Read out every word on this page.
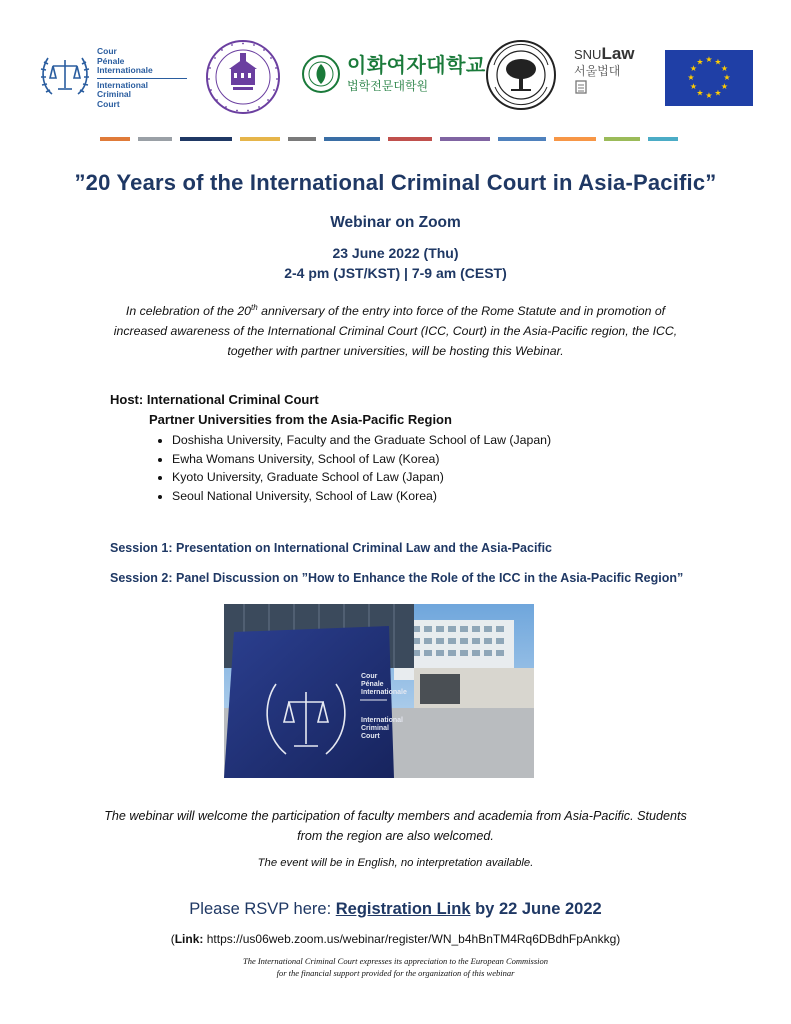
Cour
Pénale
Internationale
International
Criminal
Court
이화여자대학교
법학전문대학원
SNULaw
서울법대
★ ★
★
★
★
★
★
★
★
★
★
★
”20 Years of the International Criminal Court in Asia-Pacific”
Webinar on Zoom
23 June 2022 (Thu)
2-4 pm (JST/KST) | 7-9 am (CEST)
In celebration of the 20th anniversary of the entry into force of the Rome Statute and in promotion of increased awareness of the International Criminal Court (ICC, Court) in the Asia-Pacific region, the ICC, together with partner universities, will be hosting this Webinar.
Host: International Criminal Court
Partner Universities from the Asia-Pacific Region
• Doshisha University, Faculty and the Graduate School of Law (Japan)
• Ewha Womans University, School of Law (Korea)
• Kyoto University, Graduate School of Law (Japan)
• Seoul National University, School of Law (Korea)
Session 1: Presentation on International Criminal Law and the Asia-Pacific
Session 2: Panel Discussion on ”How to Enhance the Role of the ICC in the Asia-Pacific Region”
Cour
Pénale
Internationale
International
Criminal
Court
The webinar will welcome the participation of faculty members and academia from Asia-Pacific. Students from the region are also welcomed.
The event will be in English, no interpretation available.
Please RSVP here: Registration Link by 22 June 2022
(Link: https://us06web.zoom.us/webinar/register/WN_b4hBnTM4Rq6DBdhFpAnkkg)
The International Criminal Court expresses its appreciation to the European Commission
for the financial support provided for the organization of this webinar
